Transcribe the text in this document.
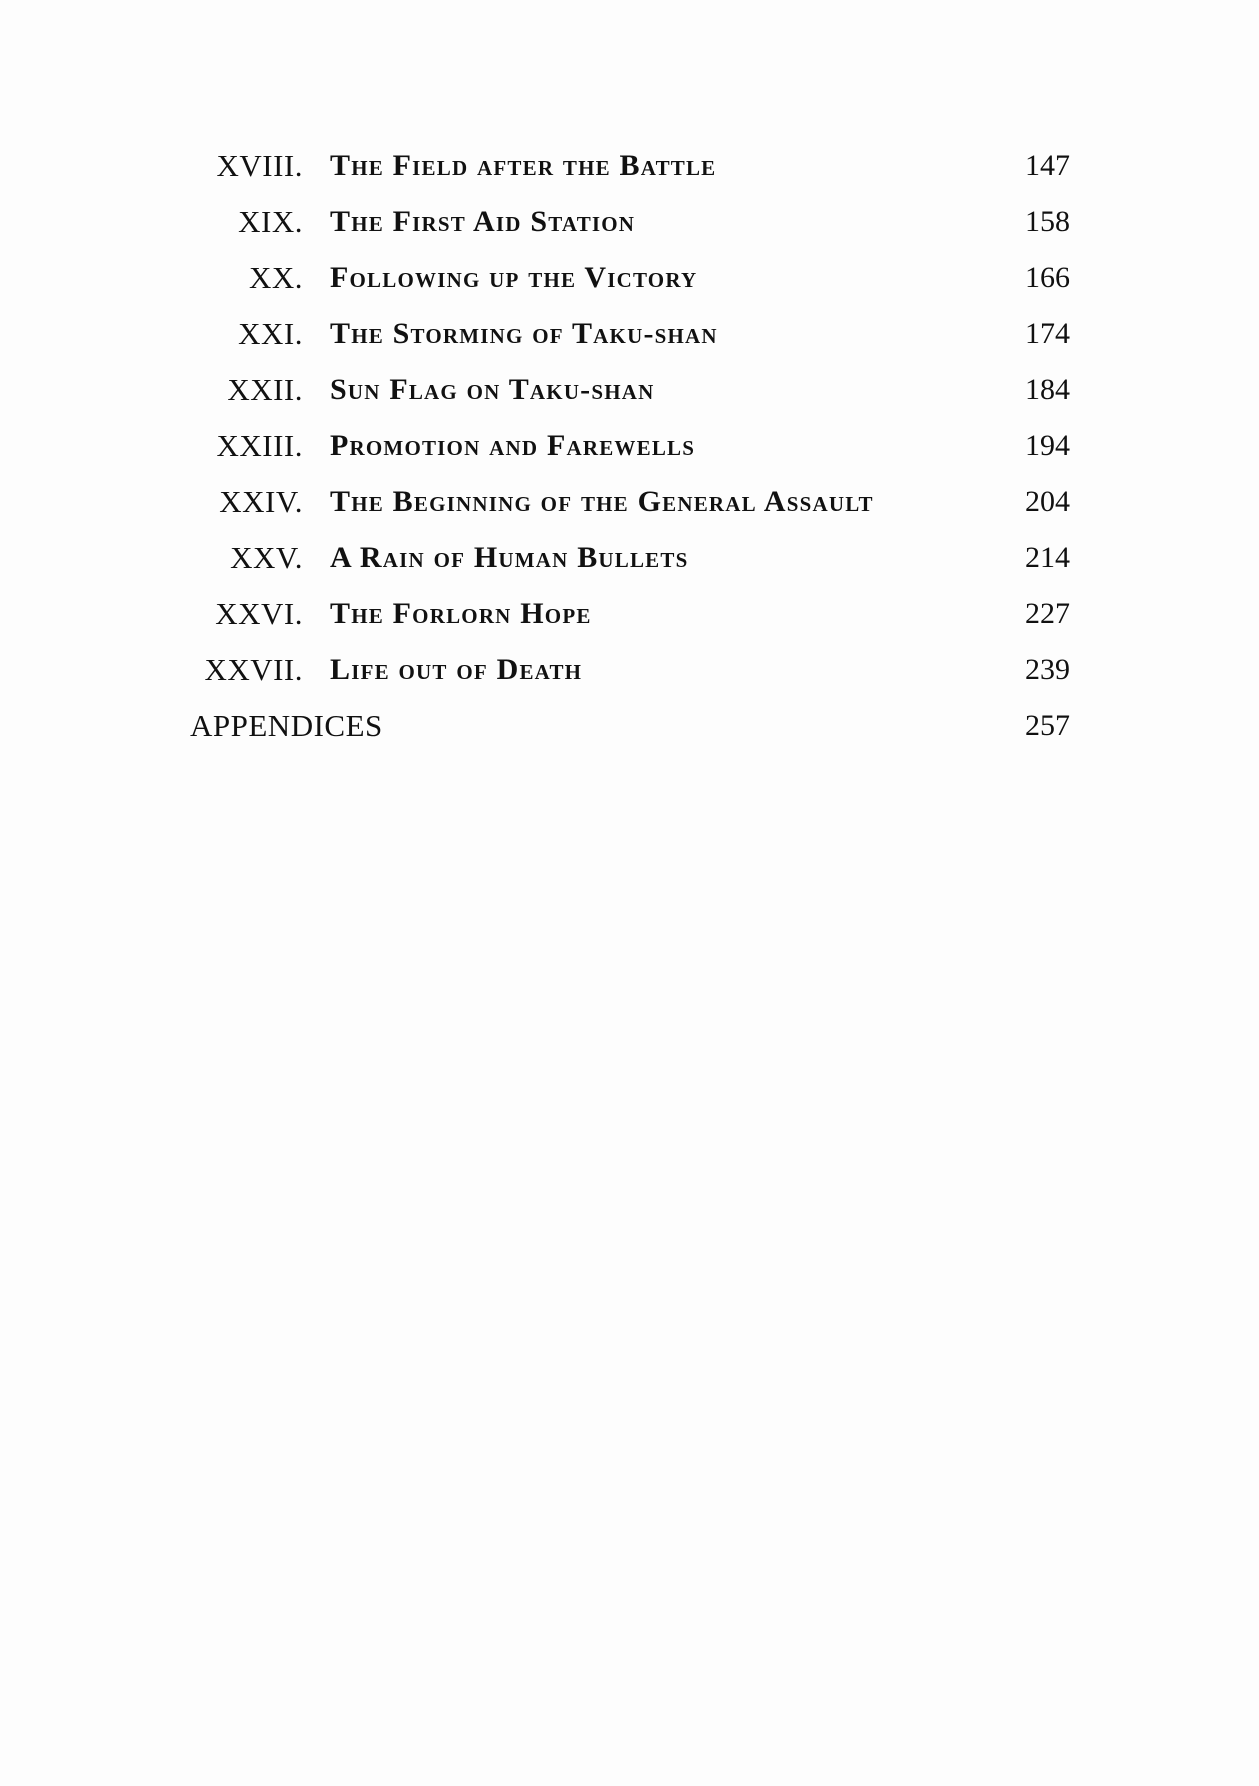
XVIII. The Field after the Battle	147
XIX. The First Aid Station	158
XX. Following up the Victory	166
XXI. The Storming of Taku-shan	174
XXII. Sun Flag on Taku-shan	184
XXIII. Promotion and Farewells	194
XXIV. The Beginning of the General Assault	204
XXV. A Rain of Human Bullets	214
XXVI. The Forlorn Hope	227
XXVII. Life out of Death	239
APPENDICES	257
